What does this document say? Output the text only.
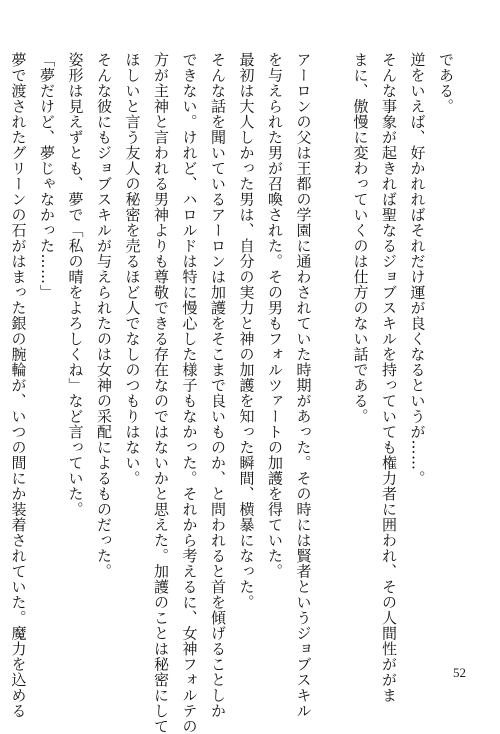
である。
逆をいえば、好かれればそれだけ運が良くなるというが……。
そんな事象が起きれば聖なるジョブスキルを持っていても権力者に囲われ、その人間性ががま
まに、傲慢に変わっていくのは仕方のない話である。
アーロンの父は王都の学園に通わされていた時期があった。その時には賢者というジョブスキル
を与えられた男が召喚された。その男もフォルツァートの加護を得ていた。
最初は大人しかった男は、自分の実力と神の加護を知った瞬間、横暴になった。
そんな話を聞いているアーロンは加護をそこまで良いものか、と問われると首を傾げることしか
できない。けれど、ハロルドは特に慢心した様子もなかった。それから考えるに、女神フォルテの
方が主神と言われる男神よりも尊敬できる存在なのではないかと思えた。加護のことは秘密にして
ほしいと言う友人の秘密を売るほど人でなしのつもりはない。
そんな彼にもジョブスキルが与えられたのは女神の采配によるものだった。
姿形は見えずとも、夢で「私の晴をよろしくね」など言っていた。
「夢だけど、夢じゃなかった……」
夢で渡されたグリーンの石がはまった銀の腕輪が、いつの間にか装着されていた。魔力を込める	52
